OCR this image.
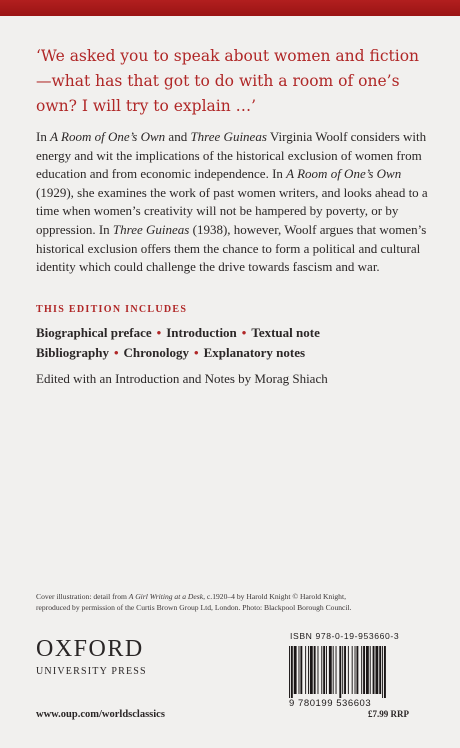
‘We asked you to speak about women and fiction—what has that got to do with a room of one’s own? I will try to explain …’
In A Room of One’s Own and Three Guineas Virginia Woolf considers with energy and wit the implications of the historical exclusion of women from education and from economic independence. In A Room of One’s Own (1929), she examines the work of past women writers, and looks ahead to a time when women’s creativity will not be hampered by poverty, or by oppression. In Three Guineas (1938), however, Woolf argues that women’s historical exclusion offers them the chance to form a political and cultural identity which could challenge the drive towards fascism and war.
THIS EDITION INCLUDES
Biographical preface • Introduction • Textual note
Bibliography • Chronology • Explanatory notes
Edited with an Introduction and Notes by Morag Shiach
Cover illustration: detail from A Girl Writing at a Desk, c.1920–4 by Harold Knight © Harold Knight,
reproduced by permission of the Curtis Brown Group Ltd, London. Photo: Blackpool Borough Council.
OXFORD
UNIVERSITY PRESS
www.oup.com/worldsclassics
ISBN 978-0-19-953660-3
9 780199 536603
£7.99 RRP
